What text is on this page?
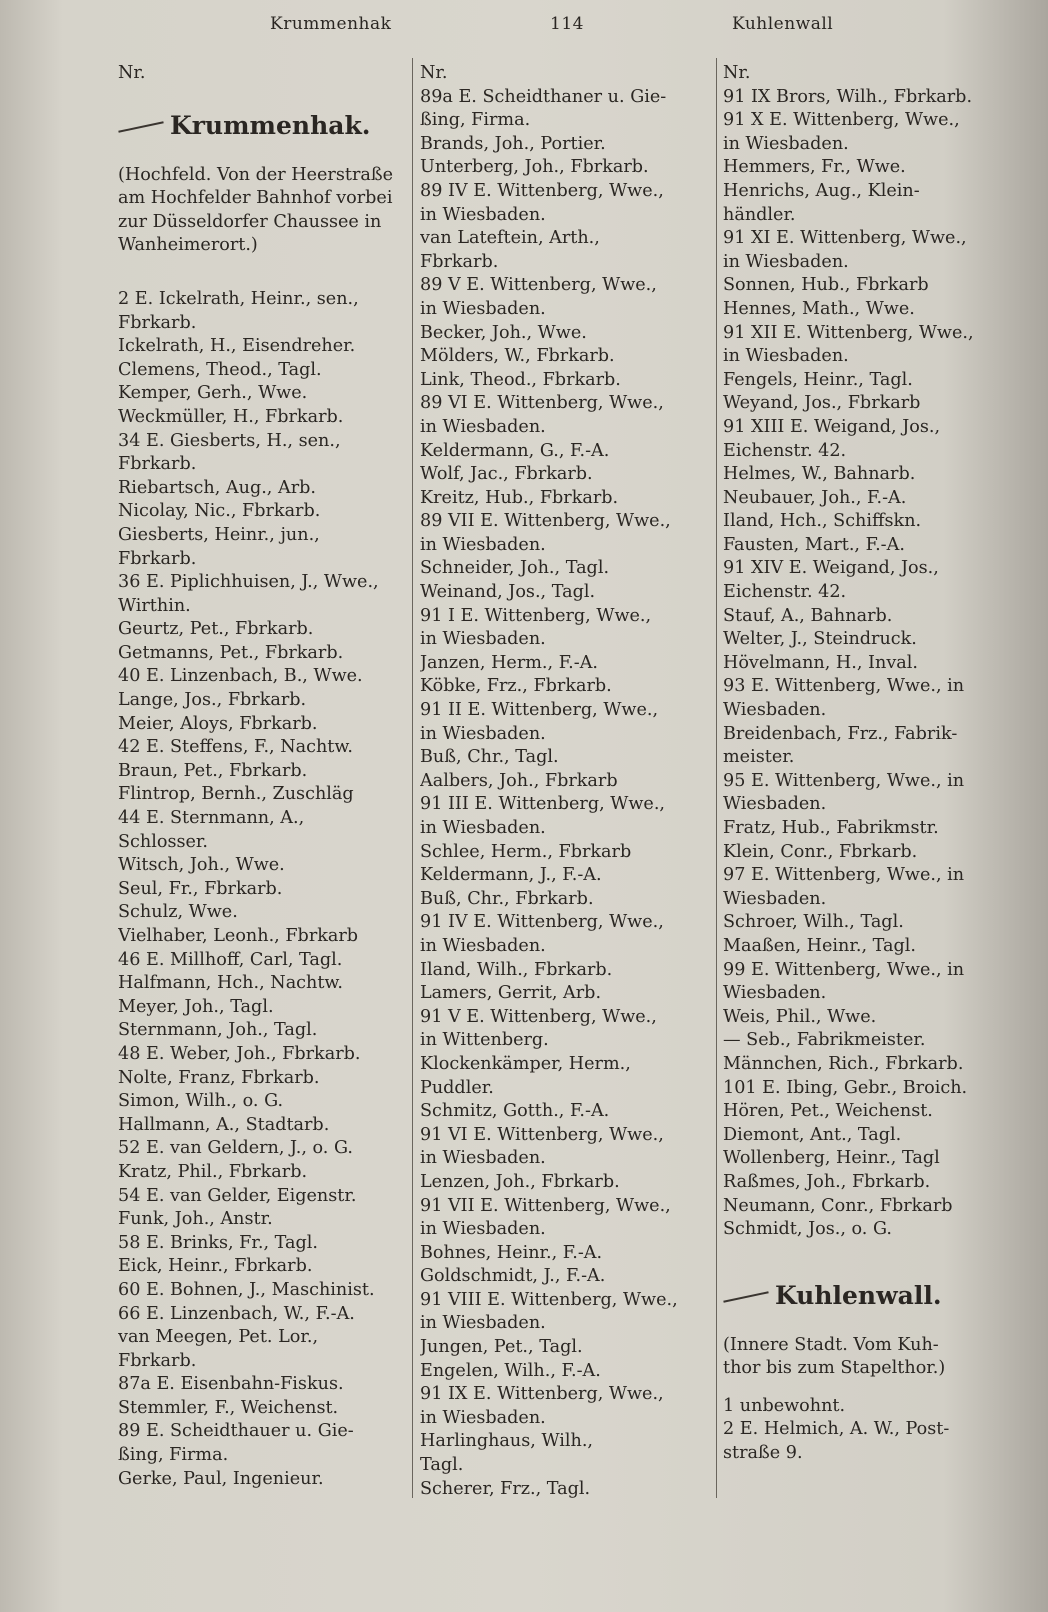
Krummenhak	114	Kuhlenwall
Nr.
Krummenhak.
(Hochfeld. Von der Heerstraße
am Hochfelder Bahnhof vorbei
zur Düsseldorfer Chaussee in
Wanheimerort.)
2 E. Ickelrath, Heinr., sen.,
Fbrkarb.
Ickelrath, H., Eisendreher.
Clemens, Theod., Tagl.
Kemper, Gerh., Wwe.
Weckmüller, H., Fbrkarb.
34 E. Giesberts, H., sen.,
Fbrkarb.
Riebartsch, Aug., Arb.
Nicolay, Nic., Fbrkarb.
Giesberts, Heinr., jun.,
Fbrkarb.
36 E. Piplichhuisen, J., Wwe.,
Wirthin.
Geurtz, Pet., Fbrkarb.
Getmanns, Pet., Fbrkarb.
40 E. Linzenbach, B., Wwe.
Lange, Jos., Fbrkarb.
Meier, Aloys, Fbrkarb.
42 E. Steffens, F., Nachtw.
Braun, Pet., Fbrkarb.
Flintrop, Bernh., Zuschläg
44 E. Sternmann, A.,
Schlosser.
Witsch, Joh., Wwe.
Seul, Fr., Fbrkarb.
Schulz, Wwe.
Vielhaber, Leonh., Fbrkarb
46 E. Millhoff, Carl, Tagl.
Halfmann, Hch., Nachtw.
Meyer, Joh., Tagl.
Sternmann, Joh., Tagl.
48 E. Weber, Joh., Fbrkarb.
Nolte, Franz, Fbrkarb.
Simon, Wilh., o. G.
Hallmann, A., Stadtarb.
52 E. van Geldern, J., o. G.
Kratz, Phil., Fbrkarb.
54 E. van Gelder, Eigenstr.
Funk, Joh., Anstr.
58 E. Brinks, Fr., Tagl.
Eick, Heinr., Fbrkarb.
60 E. Bohnen, J., Maschinist.
66 E. Linzenbach, W., F.-A.
van Meegen, Pet. Lor.,
Fbrkarb.
87a E. Eisenbahn-Fiskus.
Stemmler, F., Weichenst.
89 E. Scheidthauer u. Gie-
ßing, Firma.
Gerke, Paul, Ingenieur.
Nr.
89a E. Scheidthaner u. Gie-
ßing, Firma.
Brands, Joh., Portier.
Unterberg, Joh., Fbrkarb.
89 IV E. Wittenberg, Wwe.,
in Wiesbaden.
van Lateftein, Arth.,
Fbrkarb.
89 V E. Wittenberg, Wwe.,
in Wiesbaden.
Becker, Joh., Wwe.
Mölders, W., Fbrkarb.
Link, Theod., Fbrkarb.
89 VI E. Wittenberg, Wwe.,
in Wiesbaden.
Keldermann, G., F.-A.
Wolf, Jac., Fbrkarb.
Kreitz, Hub., Fbrkarb.
89 VII E. Wittenberg, Wwe.,
in Wiesbaden.
Schneider, Joh., Tagl.
Weinand, Jos., Tagl.
91 I E. Wittenberg, Wwe.,
in Wiesbaden.
Janzen, Herm., F.-A.
Köbke, Frz., Fbrkarb.
91 II E. Wittenberg, Wwe.,
in Wiesbaden.
Buß, Chr., Tagl.
Aalbers, Joh., Fbrkarb
91 III E. Wittenberg, Wwe.,
in Wiesbaden.
Schlee, Herm., Fbrkarb
Keldermann, J., F.-A.
Buß, Chr., Fbrkarb.
91 IV E. Wittenberg, Wwe.,
in Wiesbaden.
Iland, Wilh., Fbrkarb.
Lamers, Gerrit, Arb.
91 V E. Wittenberg, Wwe.,
in Wittenberg.
Klockenkämper, Herm.,
Puddler.
Schmitz, Gotth., F.-A.
91 VI E. Wittenberg, Wwe.,
in Wiesbaden.
Lenzen, Joh., Fbrkarb.
91 VII E. Wittenberg, Wwe.,
in Wiesbaden.
Bohnes, Heinr., F.-A.
Goldschmidt, J., F.-A.
91 VIII E. Wittenberg, Wwe.,
in Wiesbaden.
Jungen, Pet., Tagl.
Engelen, Wilh., F.-A.
91 IX E. Wittenberg, Wwe.,
in Wiesbaden.
Harlinghaus, Wilh.,
Tagl.
Scherer, Frz., Tagl.
Nr.
91 IX Brors, Wilh., Fbrkarb.
91 X E. Wittenberg, Wwe.,
in Wiesbaden.
Hemmers, Fr., Wwe.
Henrichs, Aug., Klein-
händler.
91 XI E. Wittenberg, Wwe.,
in Wiesbaden.
Sonnen, Hub., Fbrkarb
Hennes, Math., Wwe.
91 XII E. Wittenberg, Wwe.,
in Wiesbaden.
Fengels, Heinr., Tagl.
Weyand, Jos., Fbrkarb
91 XIII E. Weigand, Jos.,
Eichenstr. 42.
Helmes, W., Bahnarb.
Neubauer, Joh., F.-A.
Iland, Hch., Schiffskn.
Fausten, Mart., F.-A.
91 XIV E. Weigand, Jos.,
Eichenstr. 42.
Stauf, A., Bahnarb.
Welter, J., Steindruck.
Hövelmann, H., Inval.
93 E. Wittenberg, Wwe., in
Wiesbaden.
Breidenbach, Frz., Fabrik-
meister.
95 E. Wittenberg, Wwe., in
Wiesbaden.
Fratz, Hub., Fabrikmstr.
Klein, Conr., Fbrkarb.
97 E. Wittenberg, Wwe., in
Wiesbaden.
Schroer, Wilh., Tagl.
Maaßen, Heinr., Tagl.
99 E. Wittenberg, Wwe., in
Wiesbaden.
Weis, Phil., Wwe.
— Seb., Fabrikmeister.
Männchen, Rich., Fbrkarb.
101 E. Ibing, Gebr., Broich.
Hören, Pet., Weichenst.
Diemont, Ant., Tagl.
Wollenberg, Heinr., Tagl
Raßmes, Joh., Fbrkarb.
Neumann, Conr., Fbrkarb
Schmidt, Jos., o. G.
Kuhlenwall.
(Innere Stadt. Vom Kuh-
thor bis zum Stapelthor.)
1 unbewohnt.
2 E. Helmich, A. W., Post-
straße 9.
